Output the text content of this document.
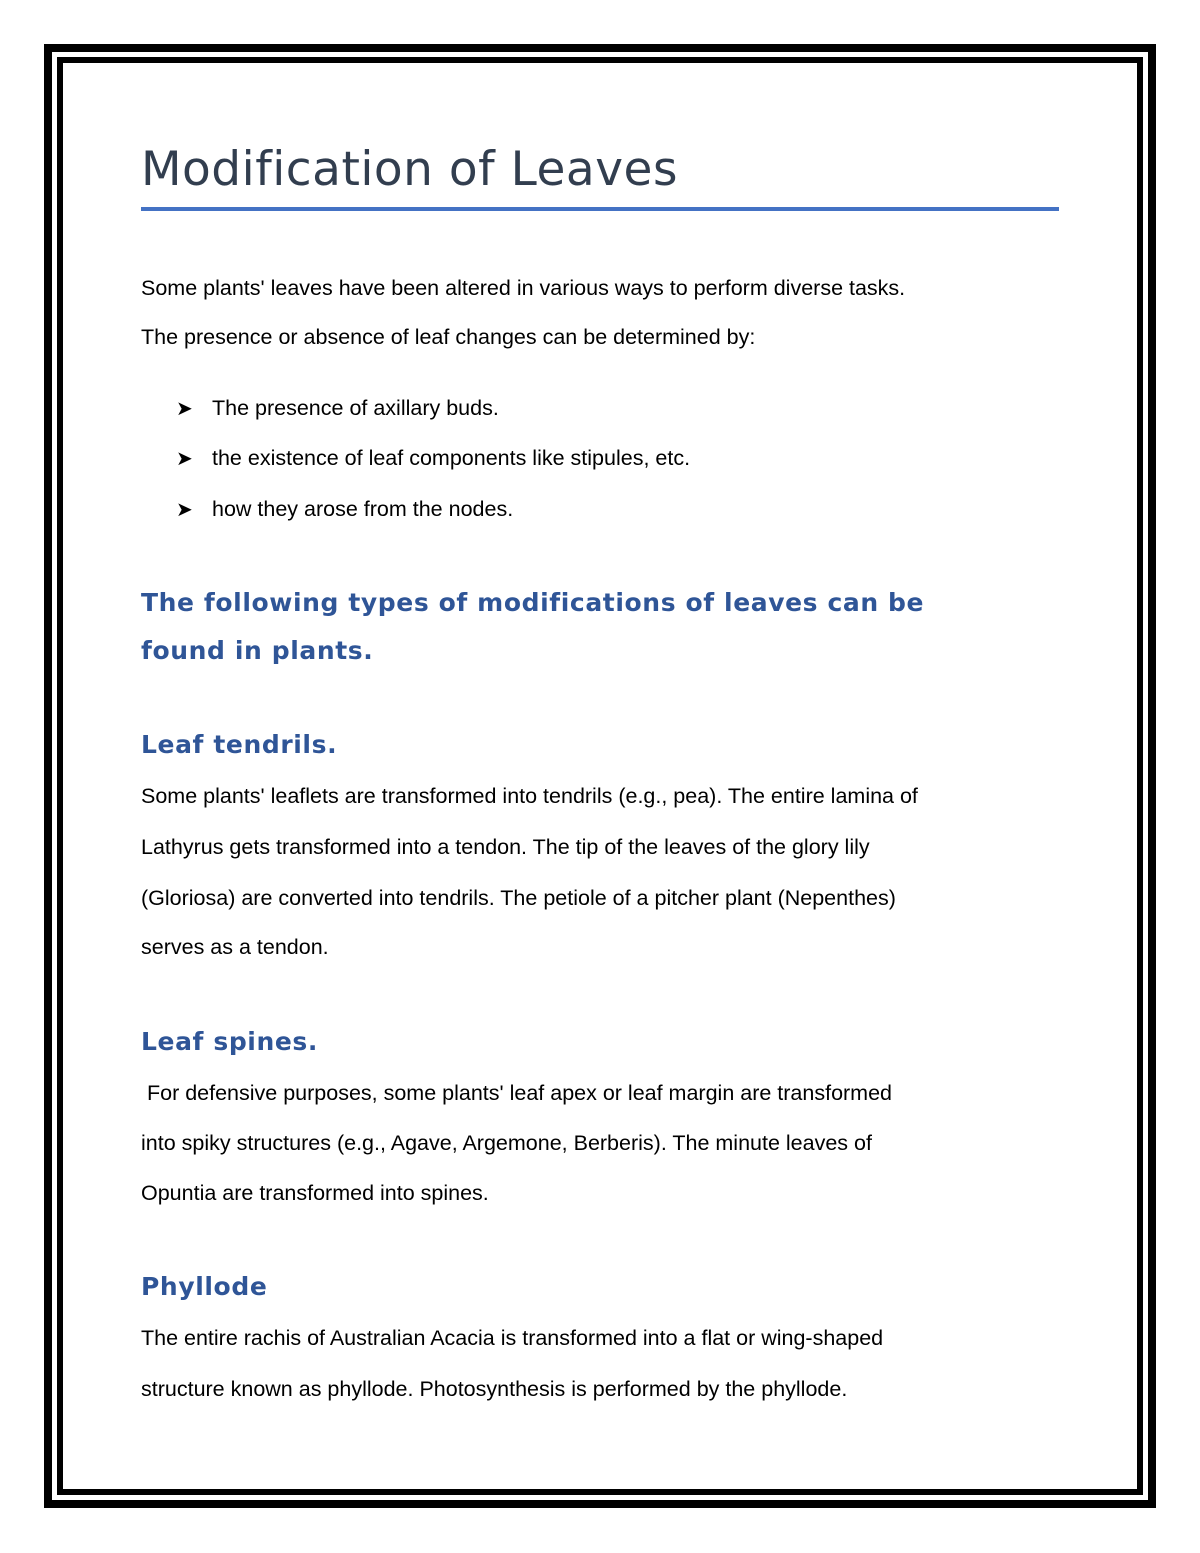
Modification of Leaves
Some plants' leaves have been altered in various ways to perform diverse tasks.
The presence or absence of leaf changes can be determined by:
➤ The presence of axillary buds.
➤ the existence of leaf components like stipules, etc.
➤ how they arose from the nodes.
The following types of modifications of leaves can be
found in plants.
Leaf tendrils.
Some plants' leaflets are transformed into tendrils (e.g., pea). The entire lamina of
Lathyrus gets transformed into a tendon. The tip of the leaves of the glory lily
(Gloriosa) are converted into tendrils. The petiole of a pitcher plant (Nepenthes)
serves as a tendon.
Leaf spines.
For defensive purposes, some plants' leaf apex or leaf margin are transformed
into spiky structures (e.g., Agave, Argemone, Berberis). The minute leaves of
Opuntia are transformed into spines.
Phyllode
The entire rachis of Australian Acacia is transformed into a flat or wing-shaped
structure known as phyllode. Photosynthesis is performed by the phyllode.
